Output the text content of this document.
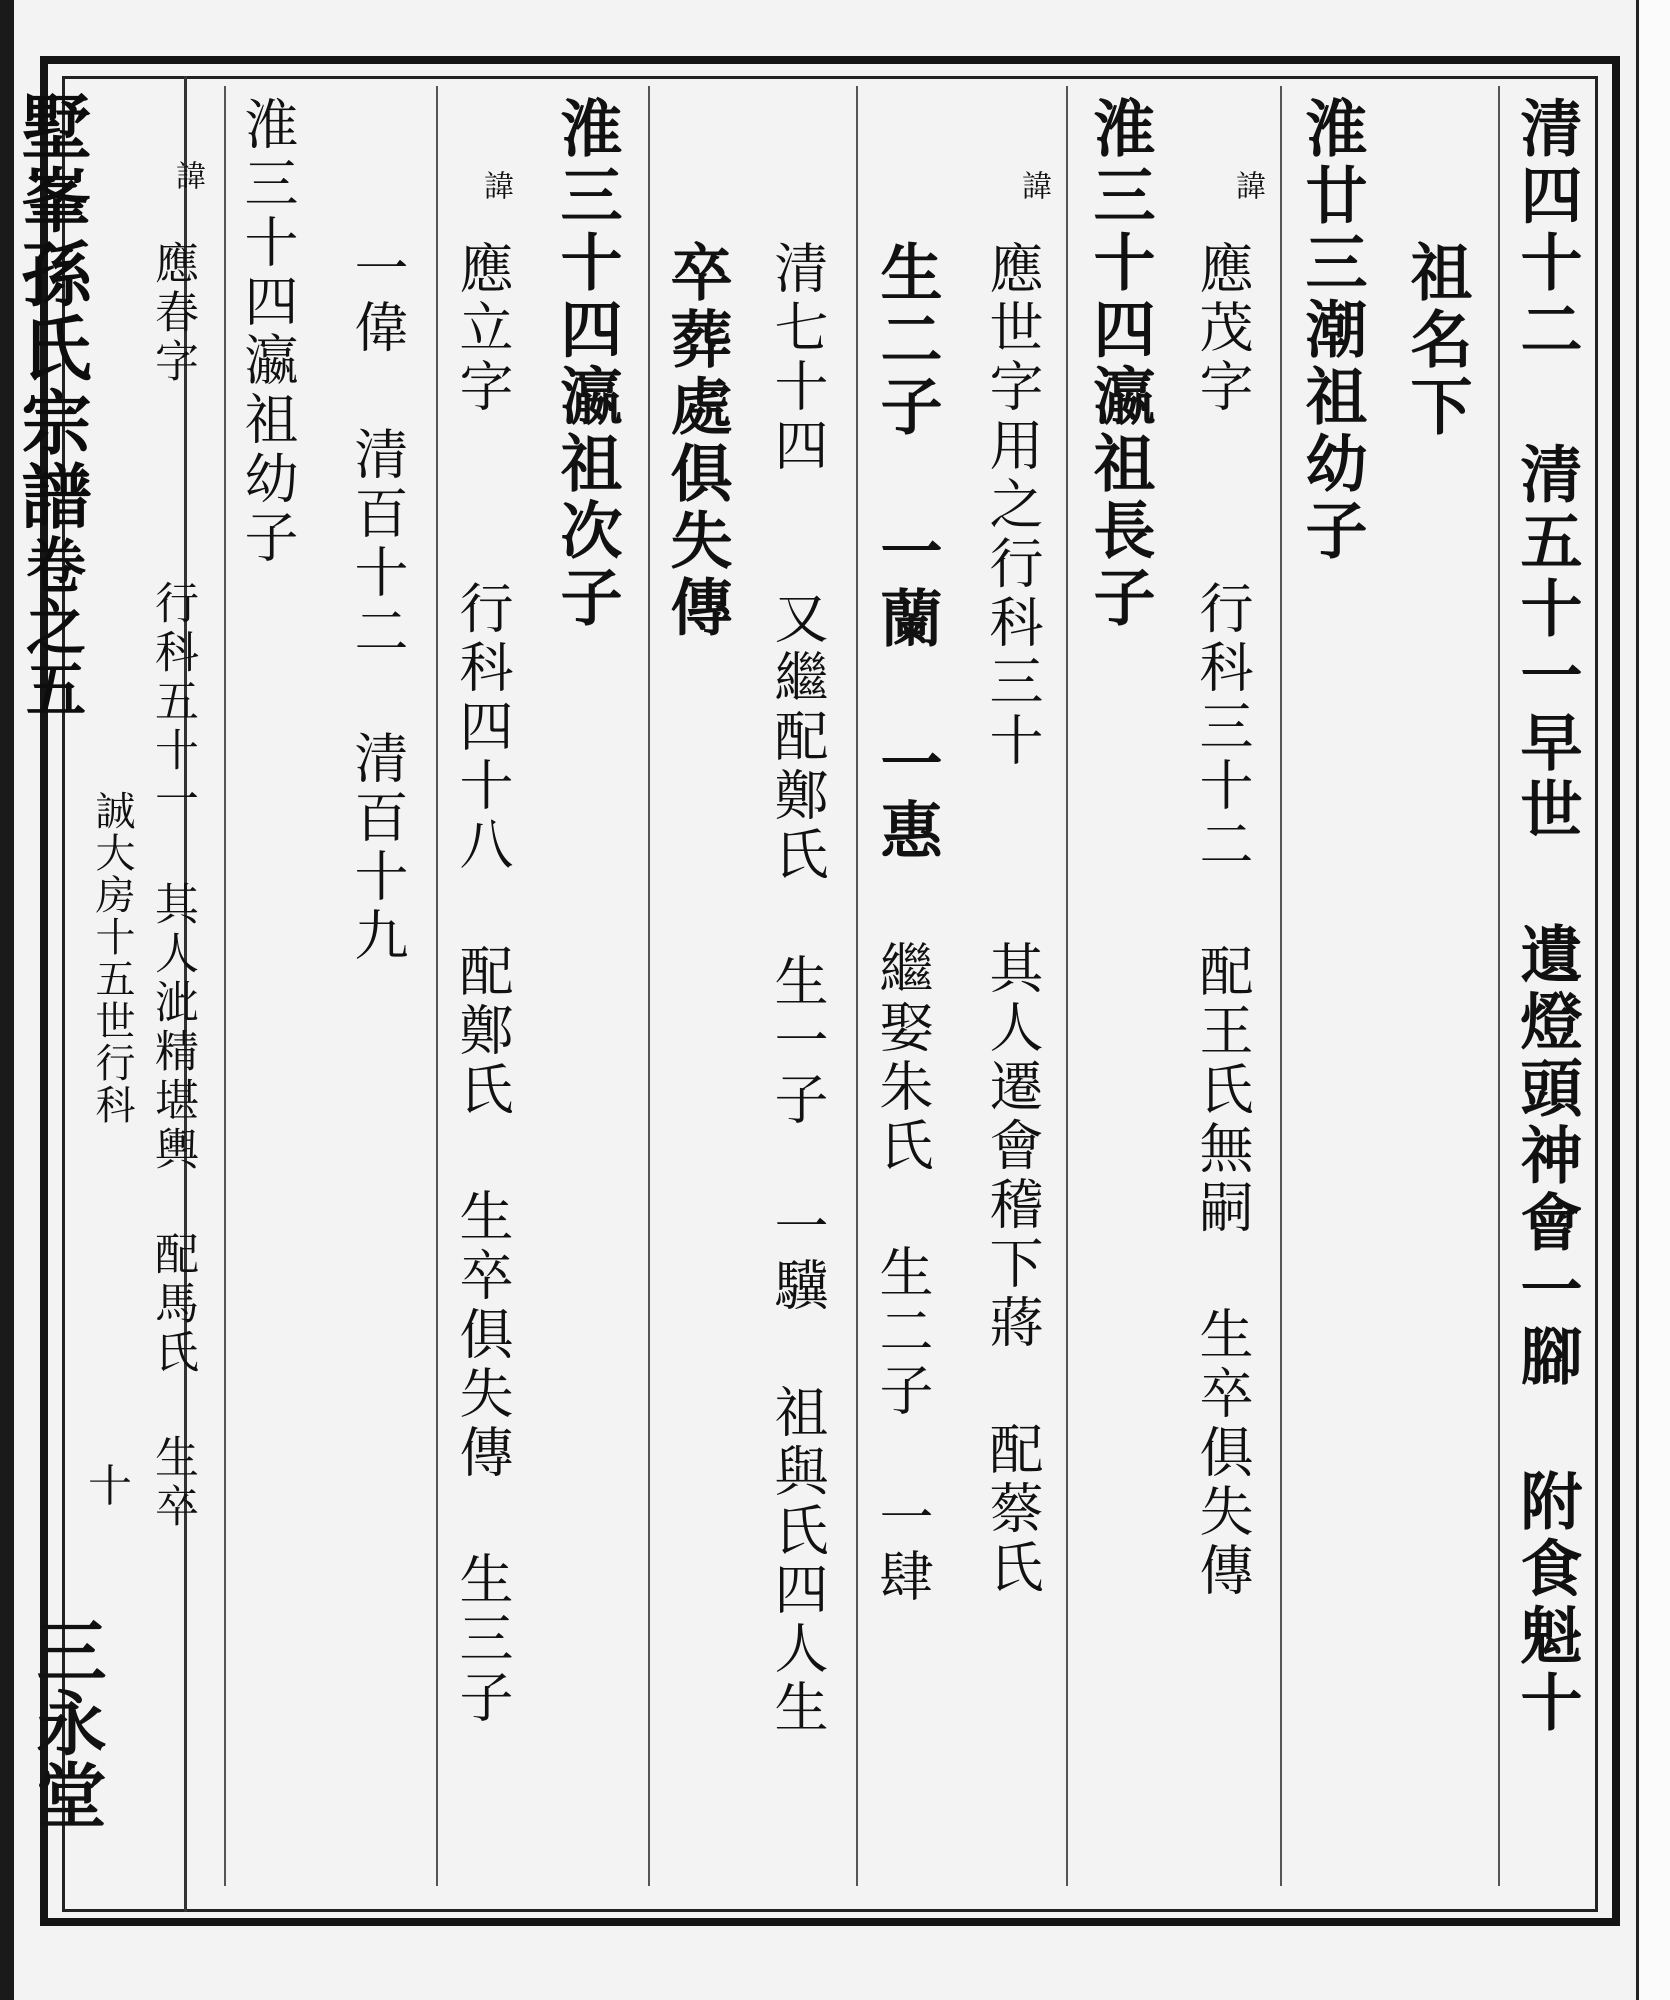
墅峯孫氏宗譜卷之五
誠大房十五世行科
十
三永堂	清四十二 清五十一早世 遺燈頭神會一腳 附食魁十
祖名下
淮廿三潮祖幼子
諱
應茂字
行科三十二 配王氏無嗣 生卒俱失傳
淮三十四瀛祖長子
諱
應世字用之行科三十
其人遷會稽下蔣 配蔡氏
生二子 一蘭 一惠
繼娶朱氏 生二子 一肆
清七十四
又繼配鄭氏 生一子 一驥 祖與氏四人生
卒葬處俱失傳
淮三十四瀛祖次子
諱
應立字
行科四十八 配鄭氏 生卒俱失傳 生三子
一偉 清百十二 清百十九
淮三十四瀛祖幼子
諱
應春字
行科五十一 其人泚精堪輿 配馬氏 生卒
